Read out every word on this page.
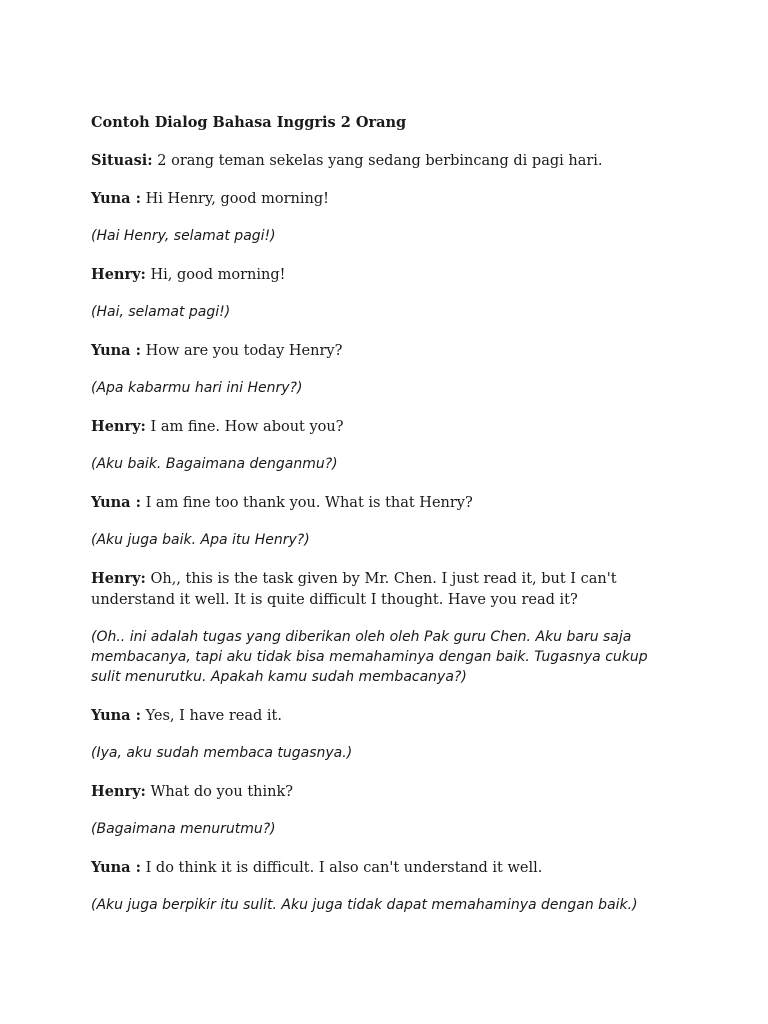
Contoh Dialog Bahasa Inggris 2 Orang
Situasi: 2 orang teman sekelas yang sedang berbincang di pagi hari.
Yuna : Hi Henry, good morning!
(Hai Henry, selamat pagi!)
Henry: Hi, good morning!
(Hai, selamat pagi!)
Yuna : How are you today Henry?
(Apa kabarmu hari ini Henry?)
Henry: I am fine. How about you?
(Aku baik. Bagaimana denganmu?)
Yuna : I am fine too thank you. What is that Henry?
(Aku juga baik. Apa itu Henry?)
Henry: Oh,, this is the task given by Mr. Chen. I just read it, but I can't understand it well. It is quite difficult I thought. Have you read it?
(Oh.. ini adalah tugas yang diberikan oleh oleh Pak guru Chen. Aku baru saja membacanya, tapi aku tidak bisa memahaminya dengan baik. Tugasnya cukup sulit menurutku. Apakah kamu sudah membacanya?)
Yuna : Yes, I have read it.
(Iya, aku sudah membaca tugasnya.)
Henry: What do you think?
(Bagaimana menurutmu?)
Yuna : I do think it is difficult. I also can't understand it well.
(Aku juga berpikir itu sulit. Aku juga tidak dapat memahaminya dengan baik.)
